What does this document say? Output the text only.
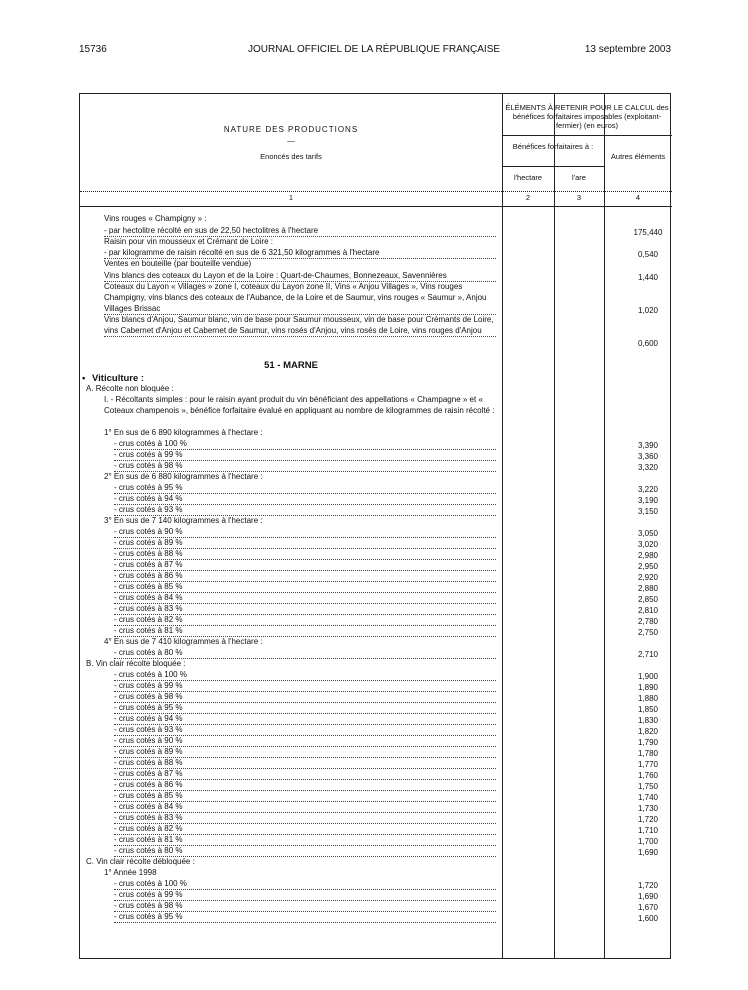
15736	JOURNAL OFFICIEL DE LA RÉPUBLIQUE FRANÇAISE	13 septembre 2003
NATURE DES PRODUCTIONS
—
Enoncés des tarifs
ÉLÉMENTS À RETENIR POUR LE CALCUL des bénéfices forfaitaires imposables (exploitant-fermier) (en euros)
Bénéfices forfaitaires à :
Autres éléments
l'hectare	l'are
1	2	3	4
Vins rouges « Champigny » :
- par hectolitre récolté en sus de 22,50 hectolitres à l'hectare	175,440
Raisin pour vin mousseux et Crémant de Loire :
- par kilogramme de raisin récolté en sus de 6 321,50 kilogrammes à l'hectare	0,540
Ventes en bouteille (par bouteille vendue)
Vins blancs des coteaux du Layon et de la Loire : Quart-de-Chaumes, Bonnezeaux, Savennières	1,440
Coteaux du Layon « Villages » zone I, coteaux du Layon zone II, Vins « Anjou Villages », Vins rouges Champigny, vins blancs des coteaux de l'Aubance, de la Loire et de Saumur, vins rouges « Saumur », Anjou Villages Brissac	1,020
Vins blancs d'Anjou, Saumur blanc, vin de base pour Saumur mousseux, vin de base pour Crémants de Loire, vins Cabernet d'Anjou et Cabernet de Saumur, vins rosés d'Anjou, vins rosés de Loire, vins rouges d'Anjou
0,600
51 - MARNE
• Viticulture :
A. Récolte non bloquée :
I. - Récoltants simples : pour le raisin ayant produit du vin bénéficiant des appellations « Champagne » et « Coteaux champenois », bénéfice forfaitaire évalué en appliquant au nombre de kilogrammes de raisin récolté :
1° En sus de 6 890 kilogrammes à l'hectare :
- crus cotés à 100 %	3,390
- crus cotés à 99 %	3,360
- crus cotés à 98 %	3,320
2° En sus de 6 880 kilogrammes à l'hectare :
- crus cotés à 95 %	3,220
- crus cotés à 94 %	3,190
- crus cotés à 93 %	3,150
3° En sus de 7 140 kilogrammes à l'hectare :
- crus cotés à 90 %	3,050
- crus cotés à 89 %	3,020
- crus cotés à 88 %	2,980
- crus cotés à 87 %	2,950
- crus cotés à 86 %	2,920
- crus cotés à 85 %	2,880
- crus cotés à 84 %	2,850
- crus cotés à 83 %	2,810
- crus cotés à 82 %	2,780
- crus cotés à 81 %	2,750
4° En sus de 7 410 kilogrammes à l'hectare :
- crus cotés à 80 %	2,710
B. Vin clair récolte bloquée :
- crus cotés à 100 %	1,900
- crus cotés à 99 %	1,890
- crus cotés à 98 %	1,880
- crus cotés à 95 %	1,850
- crus cotés à 94 %	1,830
- crus cotés à 93 %	1,820
- crus cotés à 90 %	1,790
- crus cotés à 89 %	1,780
- crus cotés à 88 %	1,770
- crus cotés à 87 %	1,760
- crus cotés à 86 %	1,750
- crus cotés à 85 %	1,740
- crus cotés à 84 %	1,730
- crus cotés à 83 %	1,720
- crus cotés à 82 %	1,710
- crus cotés à 81 %	1,700
- crus cotés à 80 %	1,690
C. Vin clair récolte débloquée :
1° Année 1998
- crus cotés à 100 %	1,720
- crus cotés à 99 %	1,690
- crus cotés à 98 %	1,670
- crus cotés à 95 %	1,600
